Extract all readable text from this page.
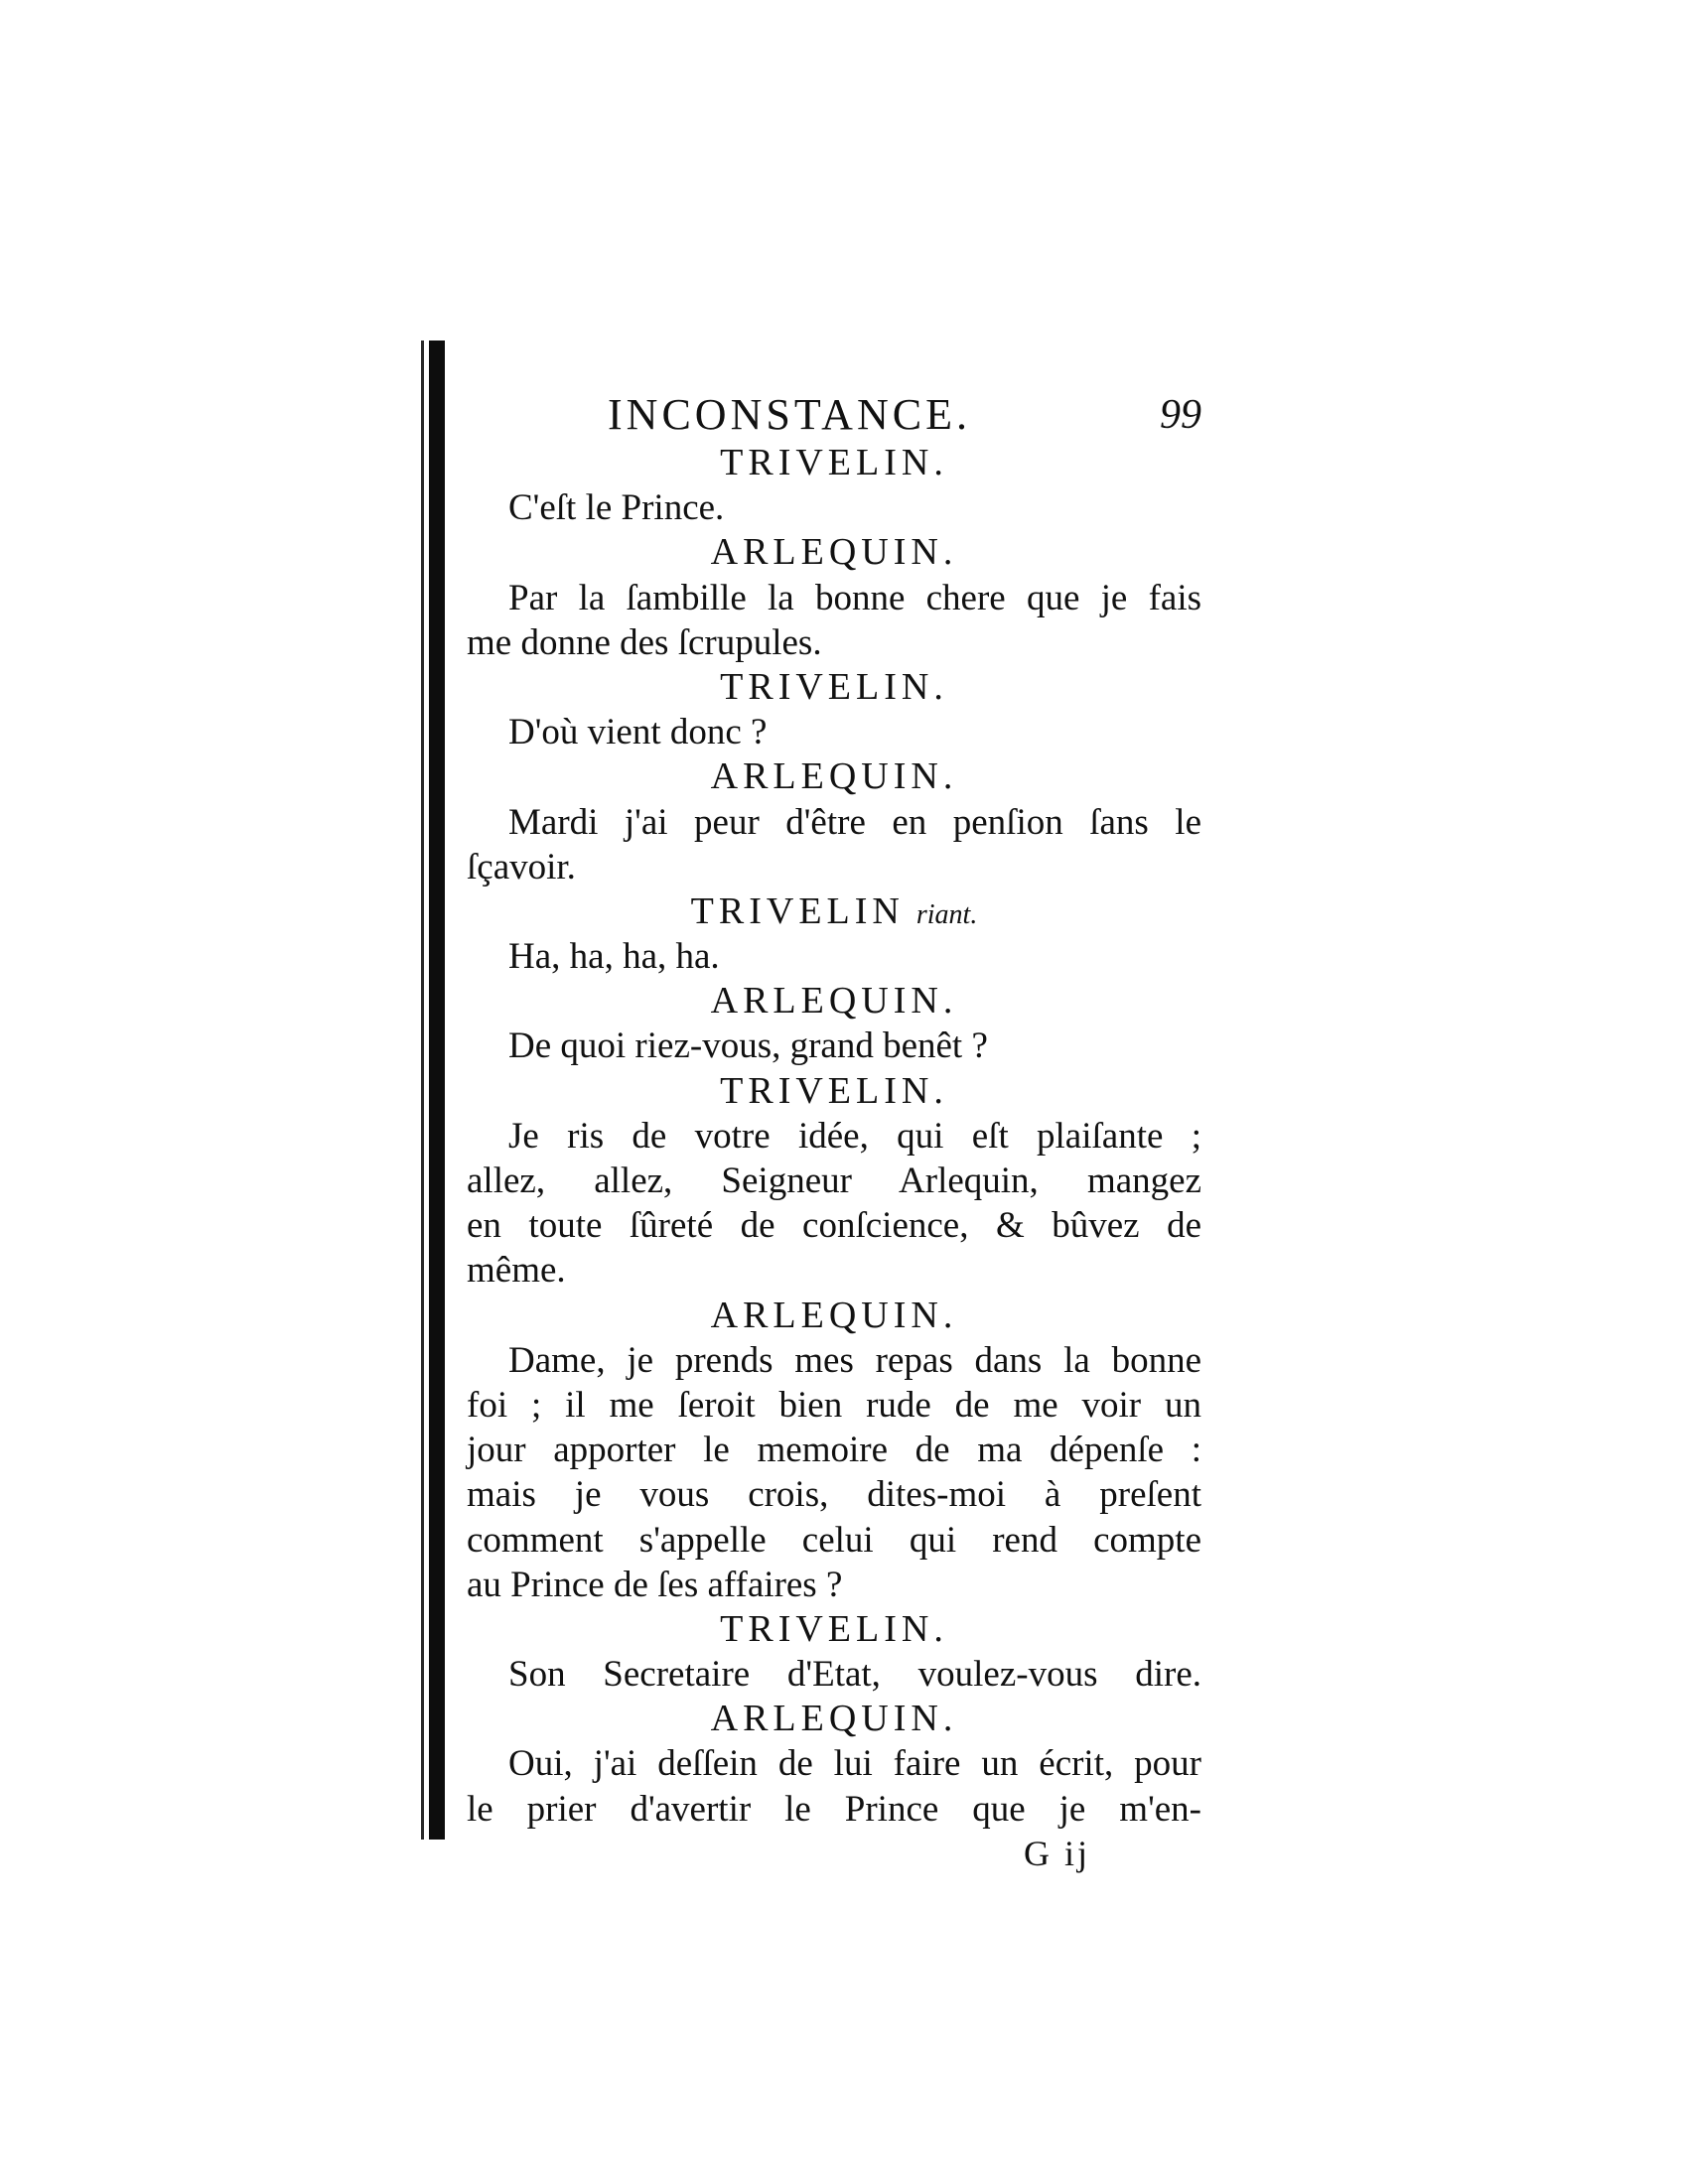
INCONSTANCE.	99
TRIVELIN.
C'eſt le Prince.
ARLEQUIN.
Par la ſambille la bonne chere que je fais
me donne des ſcrupules.
TRIVELIN.
D'où vient donc ?
ARLEQUIN.
Mardi j'ai peur d'être en penſion ſans le
ſçavoir.
TRIVELIN riant.
Ha, ha, ha, ha.
ARLEQUIN.
De quoi riez-vous, grand benêt ?
TRIVELIN.
Je ris de votre idée, qui eſt plaiſante ;
allez, allez, Seigneur Arlequin, mangez
en toute ſûreté de conſcience, & bûvez de
même.
ARLEQUIN.
Dame, je prends mes repas dans la bonne
foi ; il me ſeroit bien rude de me voir un
jour apporter le memoire de ma dépenſe :
mais je vous crois, dites-moi à preſent
comment s'appelle celui qui rend compte
au Prince de ſes affaires ?
TRIVELIN.
Son Secretaire d'Etat, voulez-vous dire.
ARLEQUIN.
Oui, j'ai deſſein de lui faire un écrit, pour
le prier d'avertir le Prince que je m'en-
G ij
